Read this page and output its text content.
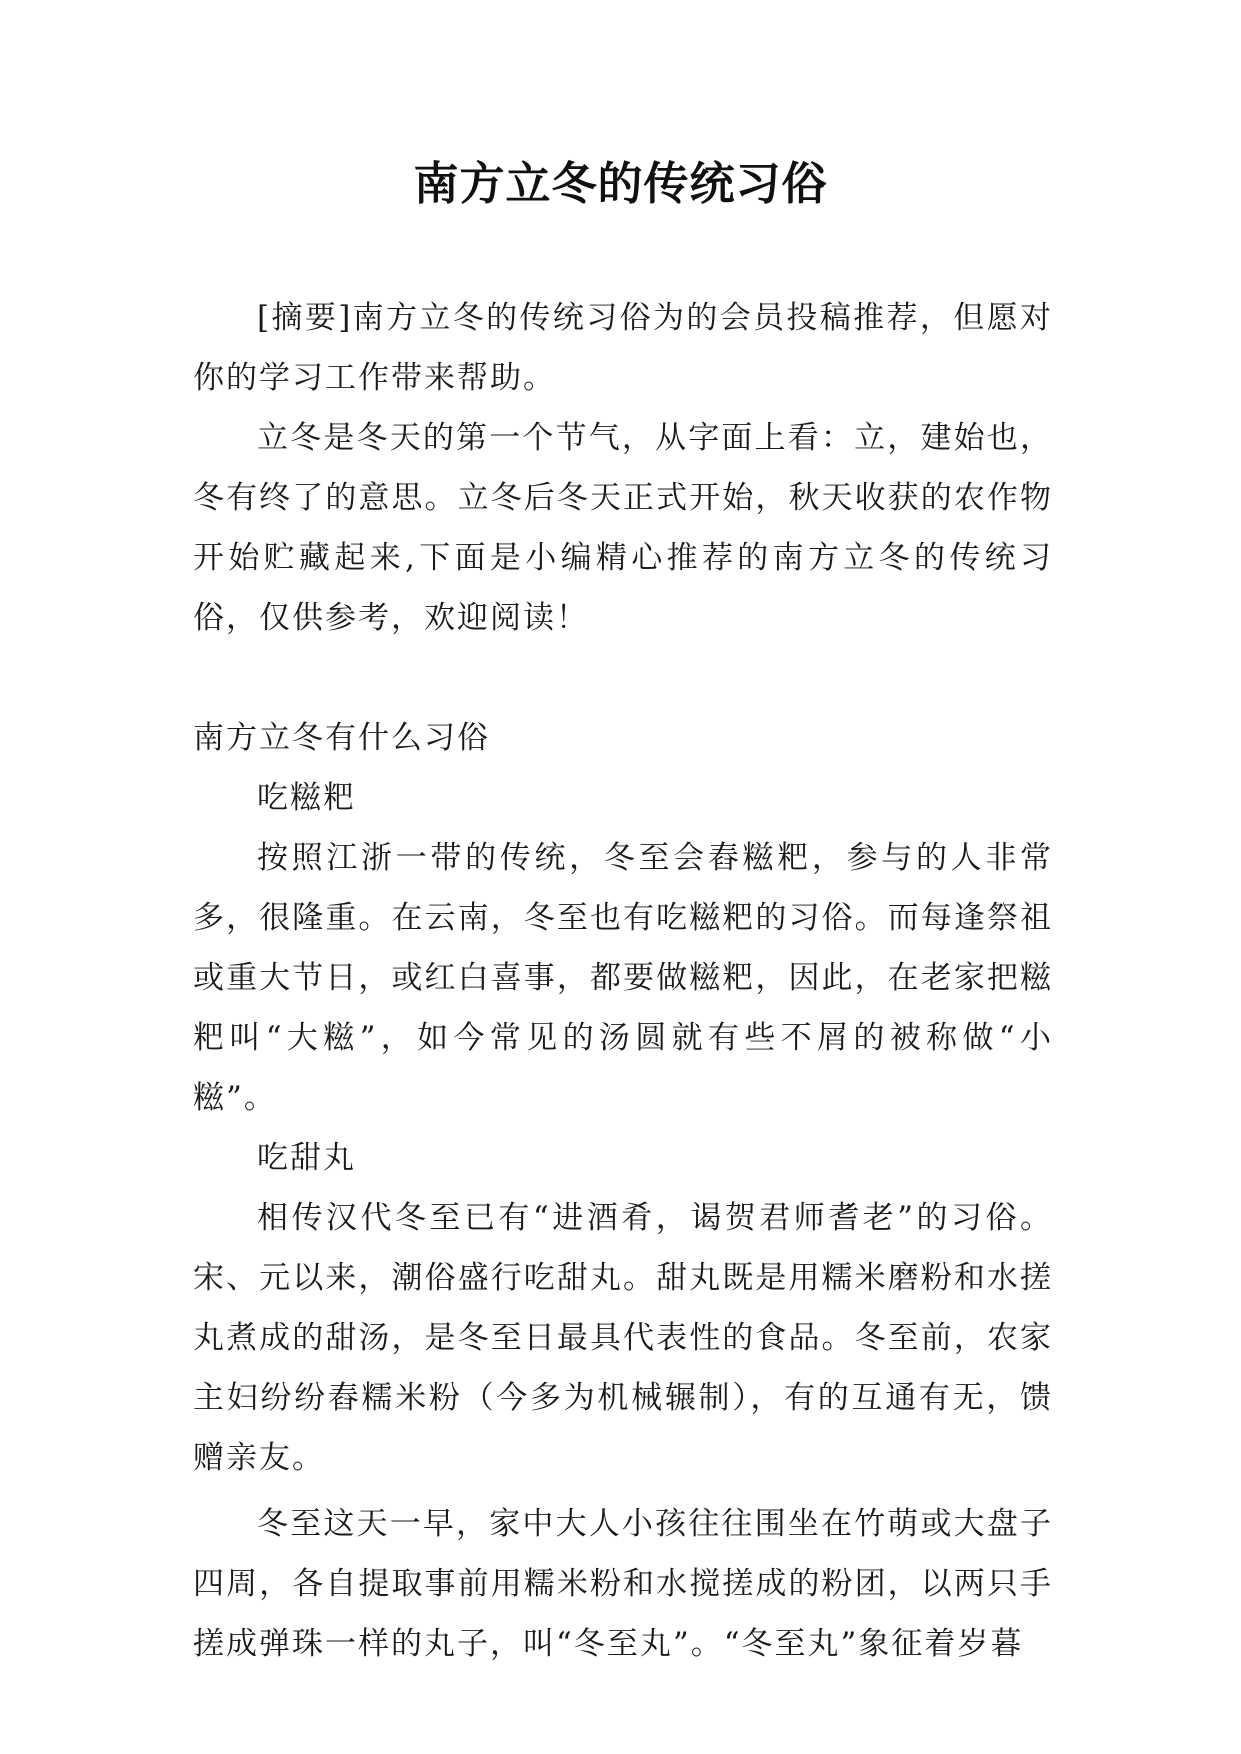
南方立冬的传统习俗

[摘要]南方立冬的传统习俗为的会员投稿推荐，但愿对你的学习工作带来帮助。

立冬是冬天的第一个节气，从字面上看：立，建始也，冬有终了的意思。立冬后冬天正式开始，秋天收获的农作物开始贮藏起来,下面是小编精心推荐的南方立冬的传统习俗，仅供参考，欢迎阅读！

南方立冬有什么习俗

吃糍粑

按照江浙一带的传统，冬至会舂糍粑，参与的人非常多，很隆重。在云南，冬至也有吃糍粑的习俗。而每逢祭祖或重大节日，或红白喜事，都要做糍粑，因此，在老家把糍粑叫“大糍”，如今常见的汤圆就有些不屑的被称做“小糍”。

吃甜丸

相传汉代冬至已有“进酒肴，谒贺君师耆老”的习俗。宋、元以来，潮俗盛行吃甜丸。甜丸既是用糯米磨粉和水搓丸煮成的甜汤，是冬至日最具代表性的食品。冬至前，农家主妇纷纷舂糯米粉（今多为机械辗制），有的互通有无，馈赠亲友。

冬至这天一早，家中大人小孩往往围坐在竹萌或大盘子四周，各自提取事前用糯米粉和水搅搓成的粉团，以两只手搓成弹珠一样的丸子，叫“冬至丸”。“冬至丸”象征着岁暮
